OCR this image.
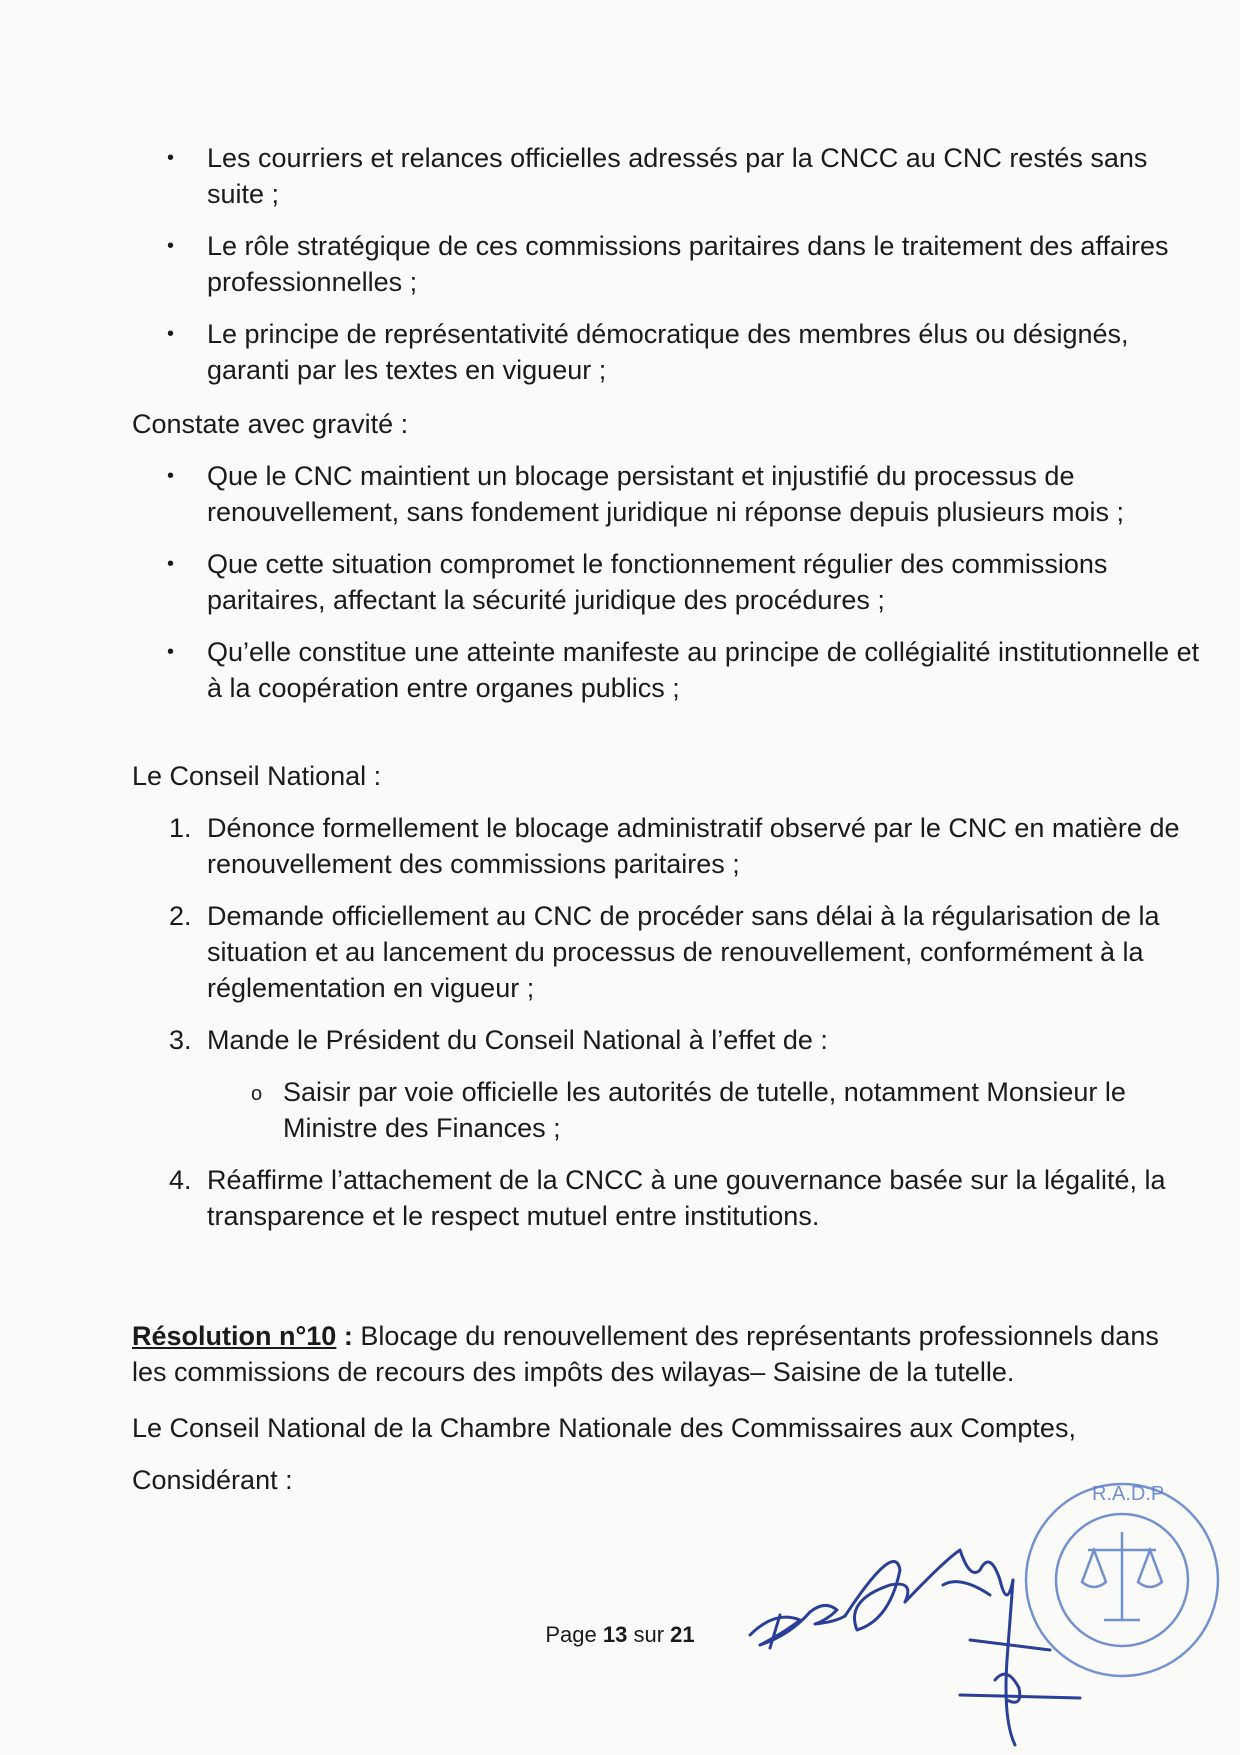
• Les courriers et relances officielles adressés par la CNCC au CNC restés sans suite ;
• Le rôle stratégique de ces commissions paritaires dans le traitement des affaires professionnelles ;
• Le principe de représentativité démocratique des membres élus ou désignés, garanti par les textes en vigueur ;

Constate avec gravité :

• Que le CNC maintient un blocage persistant et injustifié du processus de renouvellement, sans fondement juridique ni réponse depuis plusieurs mois ;
• Que cette situation compromet le fonctionnement régulier des commissions paritaires, affectant la sécurité juridique des procédures ;
• Qu’elle constitue une atteinte manifeste au principe de collégialité institutionnelle et à la coopération entre organes publics ;

Le Conseil National :

1. Dénonce formellement le blocage administratif observé par le CNC en matière de renouvellement des commissions paritaires ;
2. Demande officiellement au CNC de procéder sans délai à la régularisation de la situation et au lancement du processus de renouvellement, conformément à la réglementation en vigueur ;
3. Mande le Président du Conseil National à l’effet de :
o Saisir par voie officielle les autorités de tutelle, notamment Monsieur le Ministre des Finances ;
4. Réaffirme l’attachement de la CNCC à une gouvernance basée sur la légalité, la transparence et le respect mutuel entre institutions.

Résolution n°10 : Blocage du renouvellement des représentants professionnels dans les commissions de recours des impôts des wilayas– Saisine de la tutelle.

Le Conseil National de la Chambre Nationale des Commissaires aux Comptes,

Considérant :

Page 13 sur 21
R.A.D.P
